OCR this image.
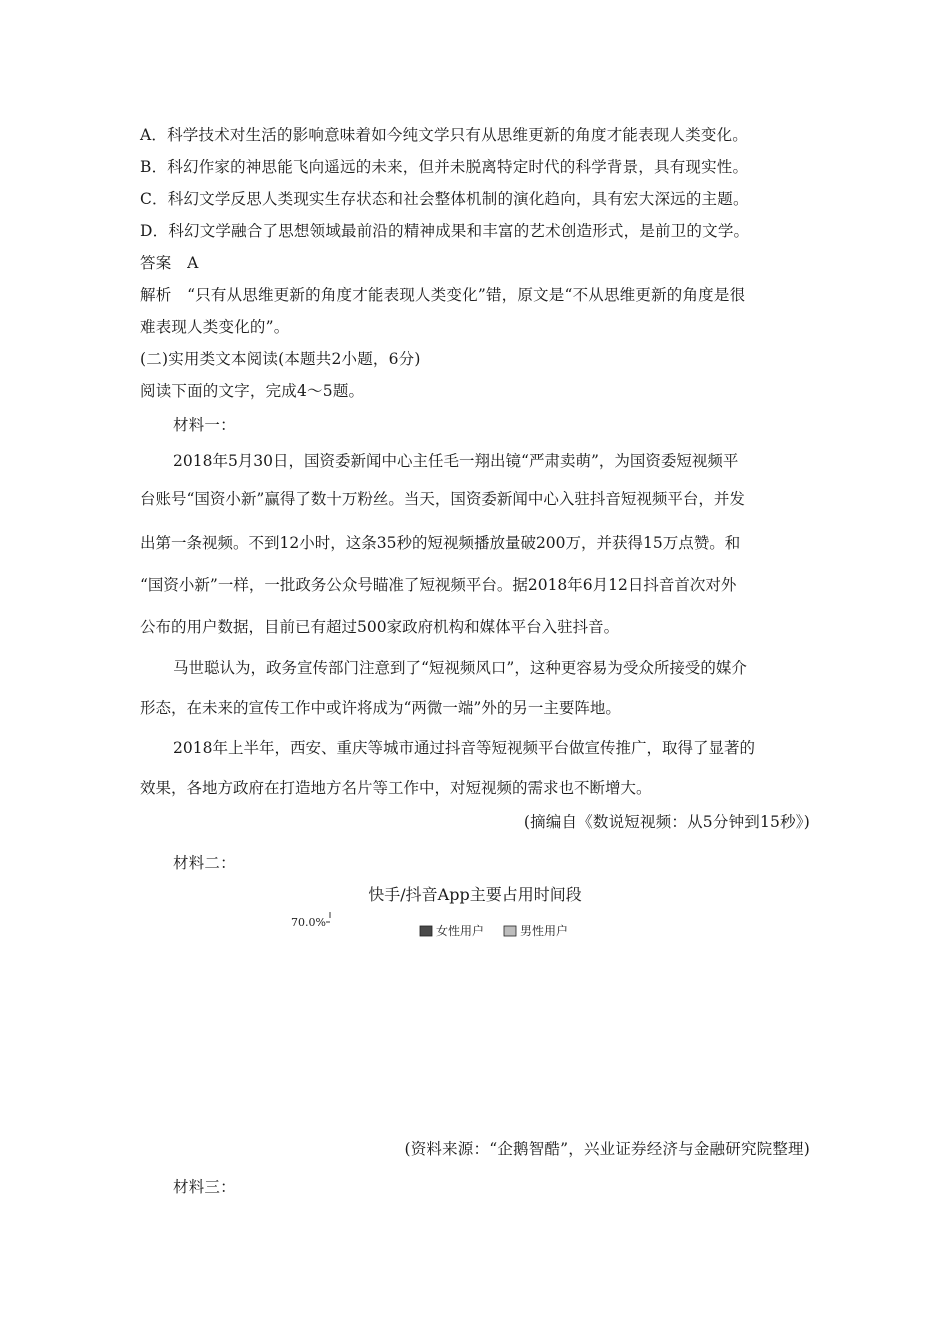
A．科学技术对生活的影响意味着如今纯文学只有从思维更新的角度才能表现人类变化。
B．科幻作家的神思能飞向遥远的未来，但并未脱离特定时代的科学背景，具有现实性。
C．科幻文学反思人类现实生存状态和社会整体机制的演化趋向，具有宏大深远的主题。
D．科幻文学融合了思想领域最前沿的精神成果和丰富的艺术创造形式，是前卫的文学。
答案　A
解析　“只有从思维更新的角度才能表现人类变化”错，原文是“不从思维更新的角度是很
难表现人类变化的”。
(二)实用类文本阅读(本题共2小题，6分)
阅读下面的文字，完成4～5题。
材料一：
2018年5月30日，国资委新闻中心主任毛一翔出镜“严肃卖萌”，为国资委短视频平
台账号“国资小新”赢得了数十万粉丝。当天，国资委新闻中心入驻抖音短视频平台，并发
出第一条视频。不到12小时，这条35秒的短视频播放量破200万，并获得15万点赞。和
“国资小新”一样，一批政务公众号瞄准了短视频平台。据2018年6月12日抖音首次对外
公布的用户数据，目前已有超过500家政府机构和媒体平台入驻抖音。
马世聪认为，政务宣传部门注意到了“短视频风口”，这种更容易为受众所接受的媒介
形态，在未来的宣传工作中或许将成为“两微一端”外的另一主要阵地。
2018年上半年，西安、重庆等城市通过抖音等短视频平台做宣传推广，取得了显著的
效果，各地方政府在打造地方名片等工作中，对短视频的需求也不断增大。
(摘编自《数说短视频：从5分钟到15秒》)
材料二：
快手/抖音App主要占用时间段
70.0%
女性用户	男性用户
(资料来源：“企鹅智酷”，兴业证券经济与金融研究院整理)
材料三：
